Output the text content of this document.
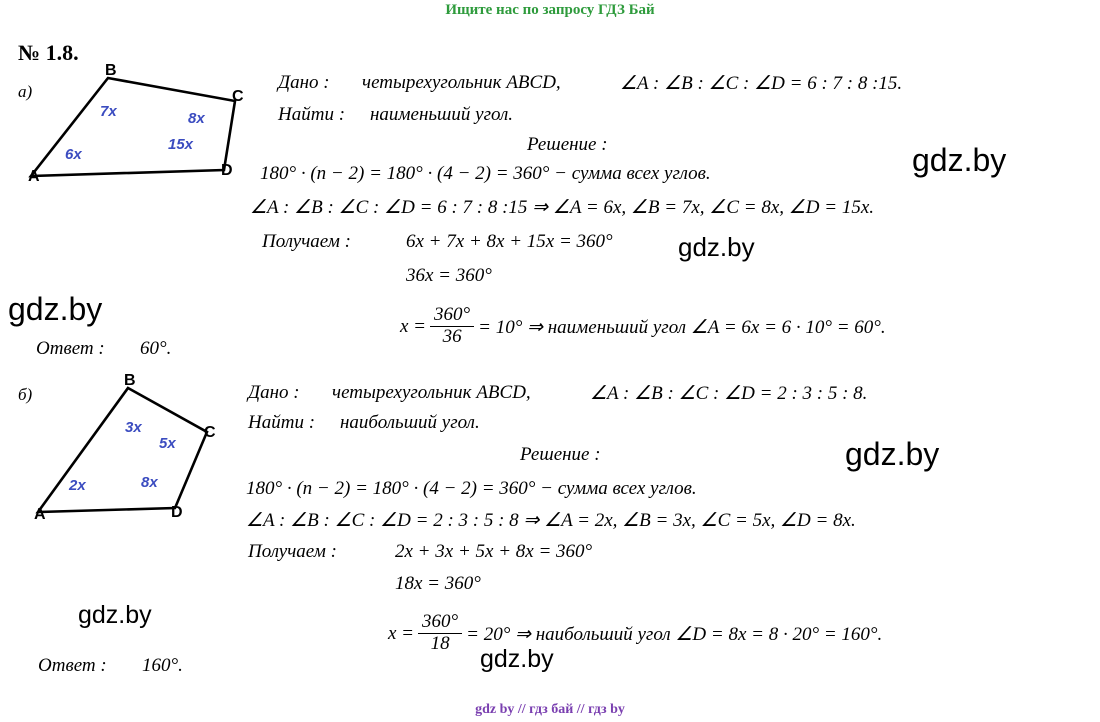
Ищите нас по запросу ГДЗ Бай
№ 1.8.
а)
B
C
D
A
7x	8x
15x
6x
Дано : четырехугольник ABCD,	∠A : ∠B : ∠C : ∠D = 6 : 7 : 8 :15.
Найти : наименьший угол.
Решение :
180° · (n − 2) = 180° · (4 − 2) = 360° − сумма всех углов.
∠A : ∠B : ∠C : ∠D = 6 : 7 : 8 :15 ⇒ ∠A = 6x, ∠B = 7x, ∠C = 8x, ∠D = 15x.
Получаем :	6x + 7x + 8x + 15x = 360°
36x = 360°
$x = \frac{360^\circ}{36} = 10^\circ$ ⇒ наименьший угол ∠A = 6x = 6 · 10° = 60°.
Ответ : 60°.
б)
B
C
D
A
3x
5x
8x
2x
Дано : четырехугольник ABCD,	∠A : ∠B : ∠C : ∠D = 2 : 3 : 5 : 8.
Найти : наибольший угол.
Решение :
180° · (n − 2) = 180° · (4 − 2) = 360° − сумма всех углов.
∠A : ∠B : ∠C : ∠D = 2 : 3 : 5 : 8 ⇒ ∠A = 2x, ∠B = 3x, ∠C = 5x, ∠D = 8x.
Получаем :	2x + 3x + 5x + 8x = 360°
18x = 360°
$x = \frac{360^\circ}{18} = 20^\circ$ ⇒ наибольший угол ∠D = 8x = 8 · 20° = 160°.
Ответ : 160°.
gdz.by
gdz.by
gdz.by
gdz.by
gdz.by
gdz.by
gdz by // гдз бай // гдз by
